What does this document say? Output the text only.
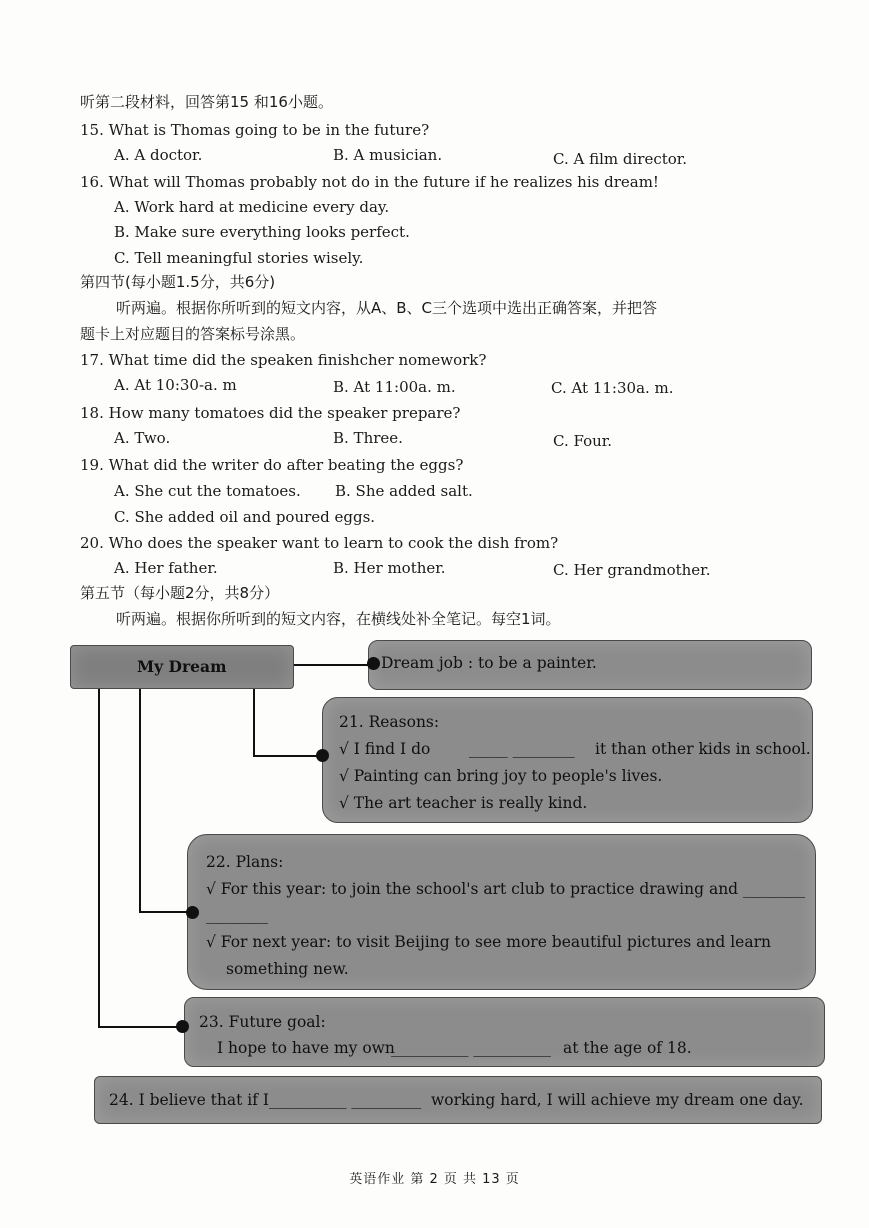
听第二段材料，回答第15 和16小题。
15. What is Thomas going to be in the future?
A. A doctor.	B. A musician.	C. A film director.
16. What will Thomas probably not do in the future if he realizes his dream!
A. Work hard at medicine every day.
B. Make sure everything looks perfect.
C. Tell meaningful stories wisely.
第四节(每小题1.5分，共6分)
听两遍。根据你所听到的短文内容，从A、B、C三个选项中选出正确答案，并把答
题卡上对应题目的答案标号涂黑。
17. What time did the speaken finishcher nomework?
A. At 10:30-a. m	B. At 11:00a. m.	C. At 11:30a. m.
18. How many tomatoes did the speaker prepare?
A. Two.	B. Three.	C. Four.
19. What did the writer do after beating the eggs?
A. She cut the tomatoes. B. She added salt.
C. She added oil and poured eggs.
20. Who does the speaker want to learn to cook the dish from?
A. Her father.	B. Her mother.	C. Her grandmother.
第五节（每小题2分，共8分）
听两遍。根据你所听到的短文内容，在横线处补全笔记。每空1词。
My Dream	Dream job : to be a painter.
21. Reasons:
√ I find I do _____ ________ it than other kids in school.
√ Painting can bring joy to people's lives.
√ The art teacher is really kind.
22. Plans:
√ For this year: to join the school's art club to practice drawing and ________
________
√ For next year: to visit Beijing to see more beautiful pictures and learn
something new.
23. Future goal:
I hope to have my own
__________ __________ at the age of 18.
24. I believe that if I __________ _________ working hard, I will achieve my dream one day.
英语作业 第 2 页 共 13 页
